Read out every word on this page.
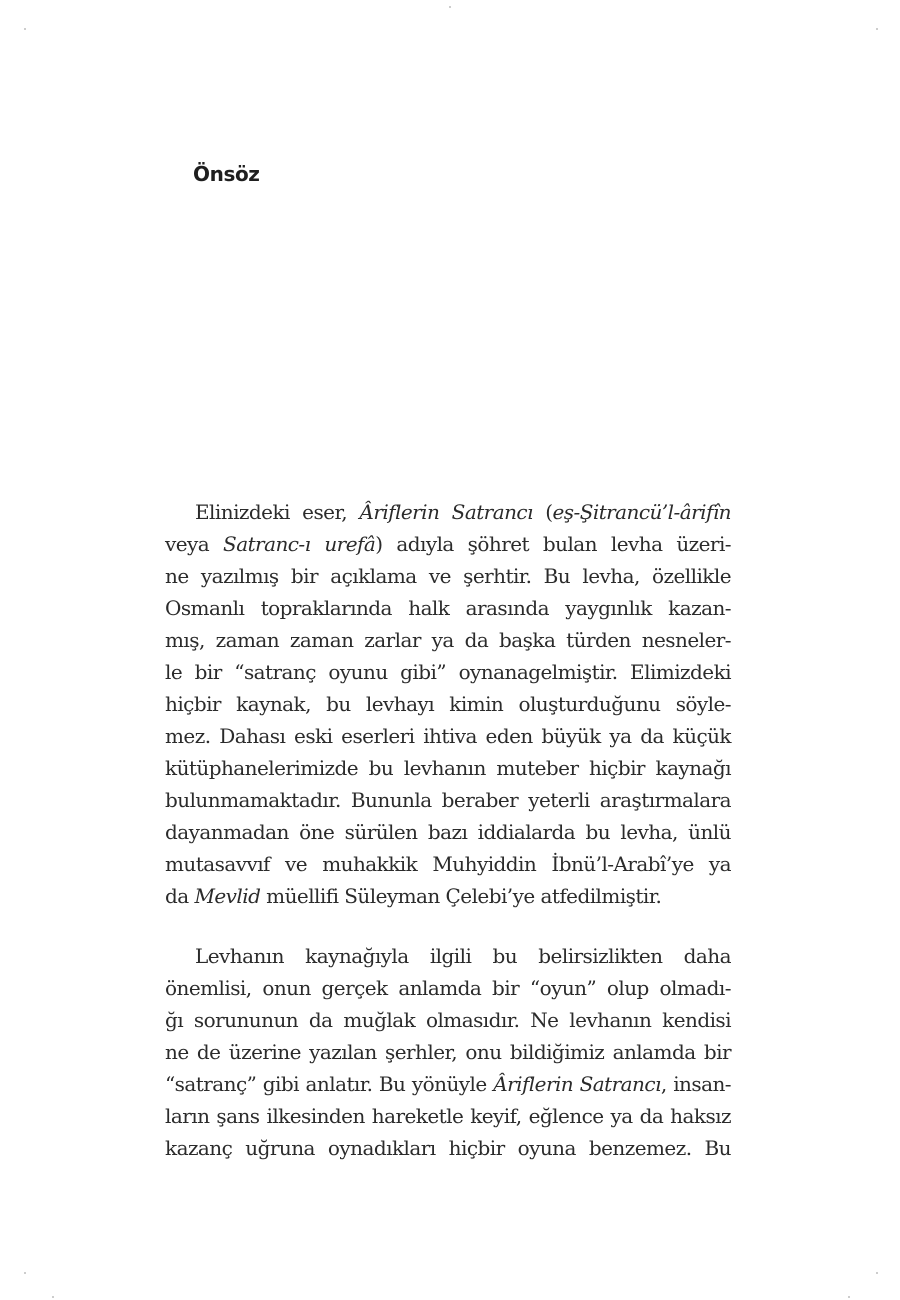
Önsöz
Elinizdeki eser, Âriflerin Satrancı (eş-Şitrancü’l-ârifîn
veya Satranc-ı urefâ) adıyla şöhret bulan levha üzeri-
ne yazılmış bir açıklama ve şerhtir. Bu levha, özellikle
Osmanlı topraklarında halk arasında yaygınlık kazan-
mış, zaman zaman zarlar ya da başka türden nesneler-
le bir “satranç oyunu gibi” oynanagelmiştir. Elimizdeki
hiçbir kaynak, bu levhayı kimin oluşturduğunu söyle-
mez. Dahası eski eserleri ihtiva eden büyük ya da küçük
kütüphanelerimizde bu levhanın muteber hiçbir kaynağı
bulunmamaktadır. Bununla beraber yeterli araştırmalara
dayanmadan öne sürülen bazı iddialarda bu levha, ünlü
mutasavvıf ve muhakkik Muhyiddin İbnü’l-Arabî’ye ya
da Mevlid müellifi Süleyman Çelebi’ye atfedilmiştir.
Levhanın kaynağıyla ilgili bu belirsizlikten daha
önemlisi, onun gerçek anlamda bir “oyun” olup olmadı-
ğı sorununun da muğlak olmasıdır. Ne levhanın kendisi
ne de üzerine yazılan şerhler, onu bildiğimiz anlamda bir
“satranç” gibi anlatır. Bu yönüyle Âriflerin Satrancı, insan-
ların şans ilkesinden hareketle keyif, eğlence ya da haksız
kazanç uğruna oynadıkları hiçbir oyuna benzemez. Bu
